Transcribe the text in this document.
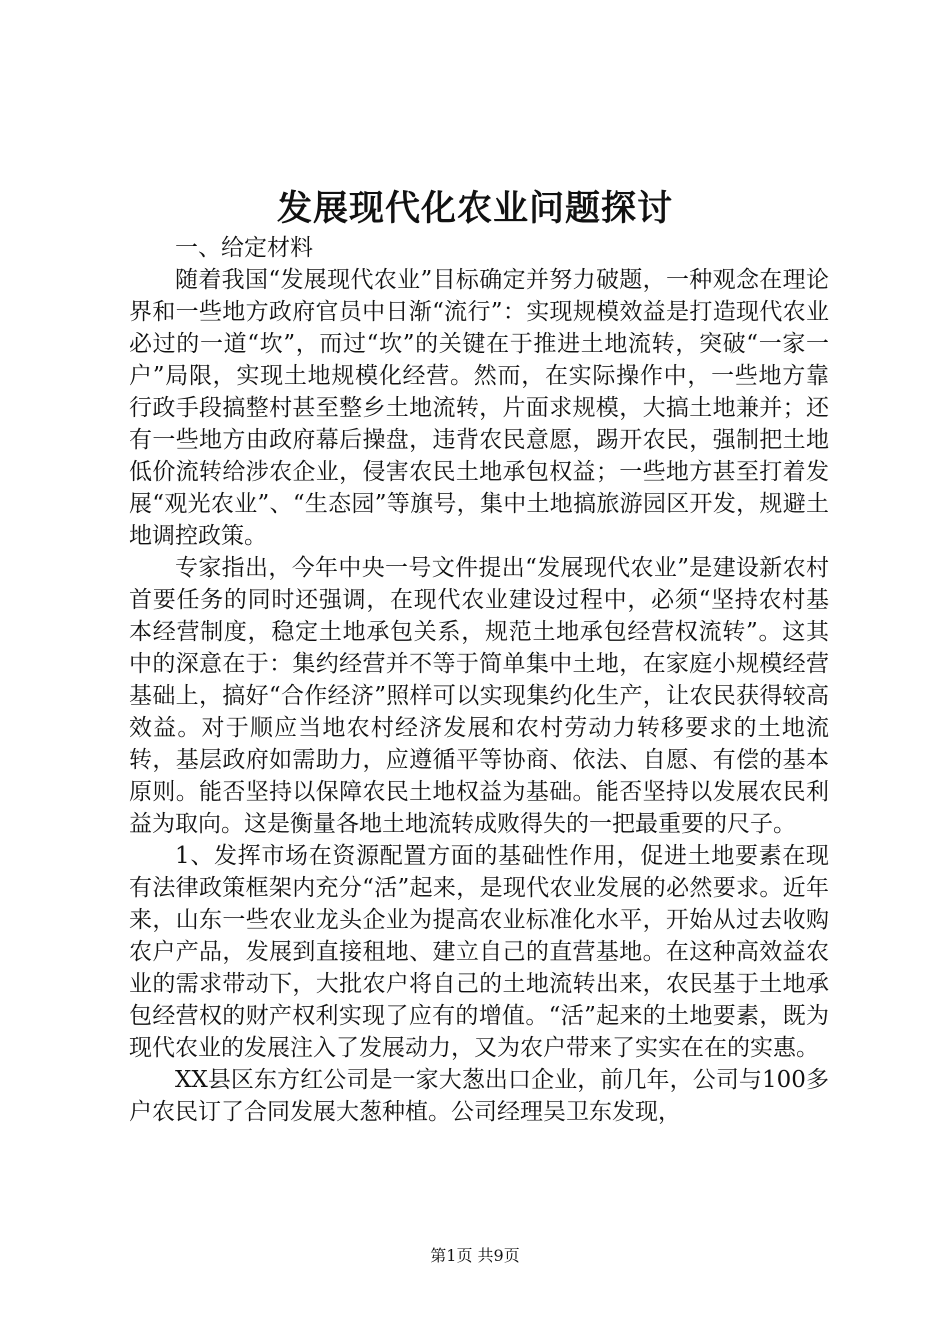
发展现代化农业问题探讨

一、给定材料

随着我国“发展现代农业”目标确定并努力破题，一种观念在理论界和一些地方政府官员中日渐“流行”：实现规模效益是打造现代农业必过的一道“坎”，而过“坎”的关键在于推进土地流转，突破“一家一户”局限，实现土地规模化经营。然而，在实际操作中，一些地方靠行政手段搞整村甚至整乡土地流转，片面求规模，大搞土地兼并；还有一些地方由政府幕后操盘，违背农民意愿，踢开农民，强制把土地低价流转给涉农企业，侵害农民土地承包权益；一些地方甚至打着发展“观光农业”、“生态园”等旗号，集中土地搞旅游园区开发，规避土地调控政策。

专家指出，今年中央一号文件提出“发展现代农业”是建设新农村首要任务的同时还强调，在现代农业建设过程中，必须“坚持农村基本经营制度，稳定土地承包关系，规范土地承包经营权流转”。这其中的深意在于：集约经营并不等于简单集中土地，在家庭小规模经营基础上，搞好“合作经济”照样可以实现集约化生产，让农民获得较高效益。对于顺应当地农村经济发展和农村劳动力转移要求的土地流转，基层政府如需助力，应遵循平等协商、依法、自愿、有偿的基本原则。能否坚持以保障农民土地权益为基础。能否坚持以发展农民利益为取向。这是衡量各地土地流转成败得失的一把最重要的尺子。

1、发挥市场在资源配置方面的基础性作用，促进土地要素在现有法律政策框架内充分“活”起来，是现代农业发展的必然要求。近年来，山东一些农业龙头企业为提高农业标准化水平，开始从过去收购农户产品，发展到直接租地、建立自己的直营基地。在这种高效益农业的需求带动下，大批农户将自己的土地流转出来，农民基于土地承包经营权的财产权利实现了应有的增值。“活”起来的土地要素，既为现代农业的发展注入了发展动力，又为农户带来了实实在在的实惠。

XX县区东方红公司是一家大葱出口企业，前几年，公司与100多户农民订了合同发展大葱种植。公司经理吴卫东发现，

第1页 共9页
